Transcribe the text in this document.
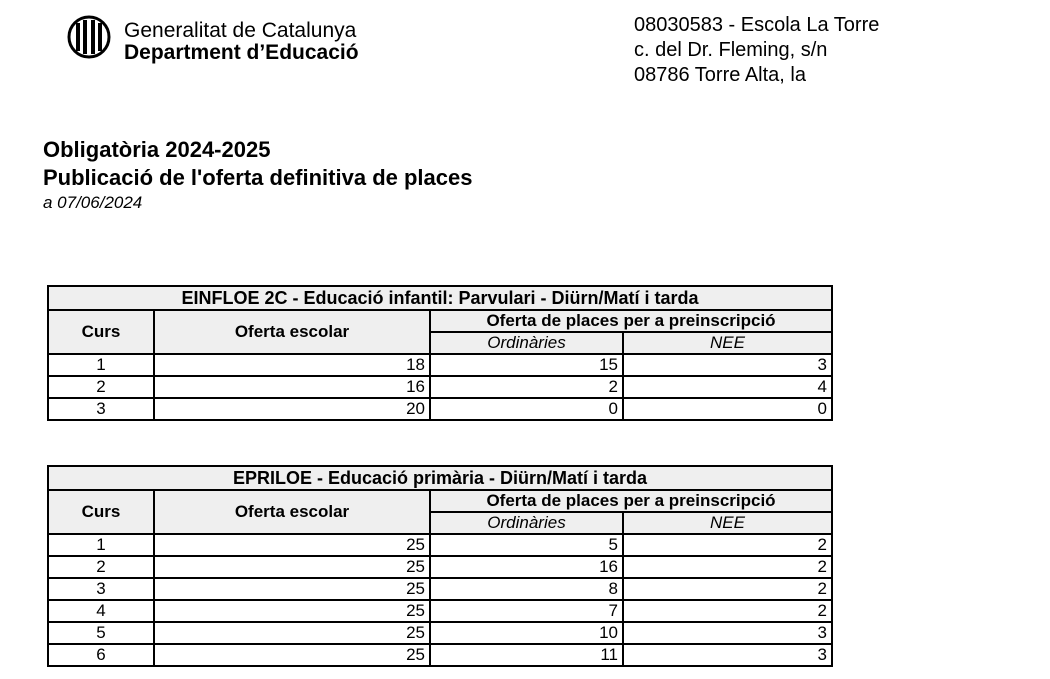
Generalitat de Catalunya
Department d’Educació
08030583 - Escola La Torre
c. del Dr. Fleming, s/n
08786 Torre Alta, la
Obligatòria 2024-2025
Publicació de l'oferta definitiva de places
a 07/06/2024
EINFLOE 2C - Educació infantil: Parvulari - Diürn/Matí i tarda			
Curs	Oferta escolar	Oferta de places per a preinscripció	
		Ordinàries	NEE
1	18	15	3
2	16	2	4
3	20	0	0
EPRILOE - Educació primària - Diürn/Matí i tarda			
Curs	Oferta escolar	Oferta de places per a preinscripció	
		Ordinàries	NEE
1	25	5	2
2	25	16	2
3	25	8	2
4	25	7	2
5	25	10	3
6	25	11	3
